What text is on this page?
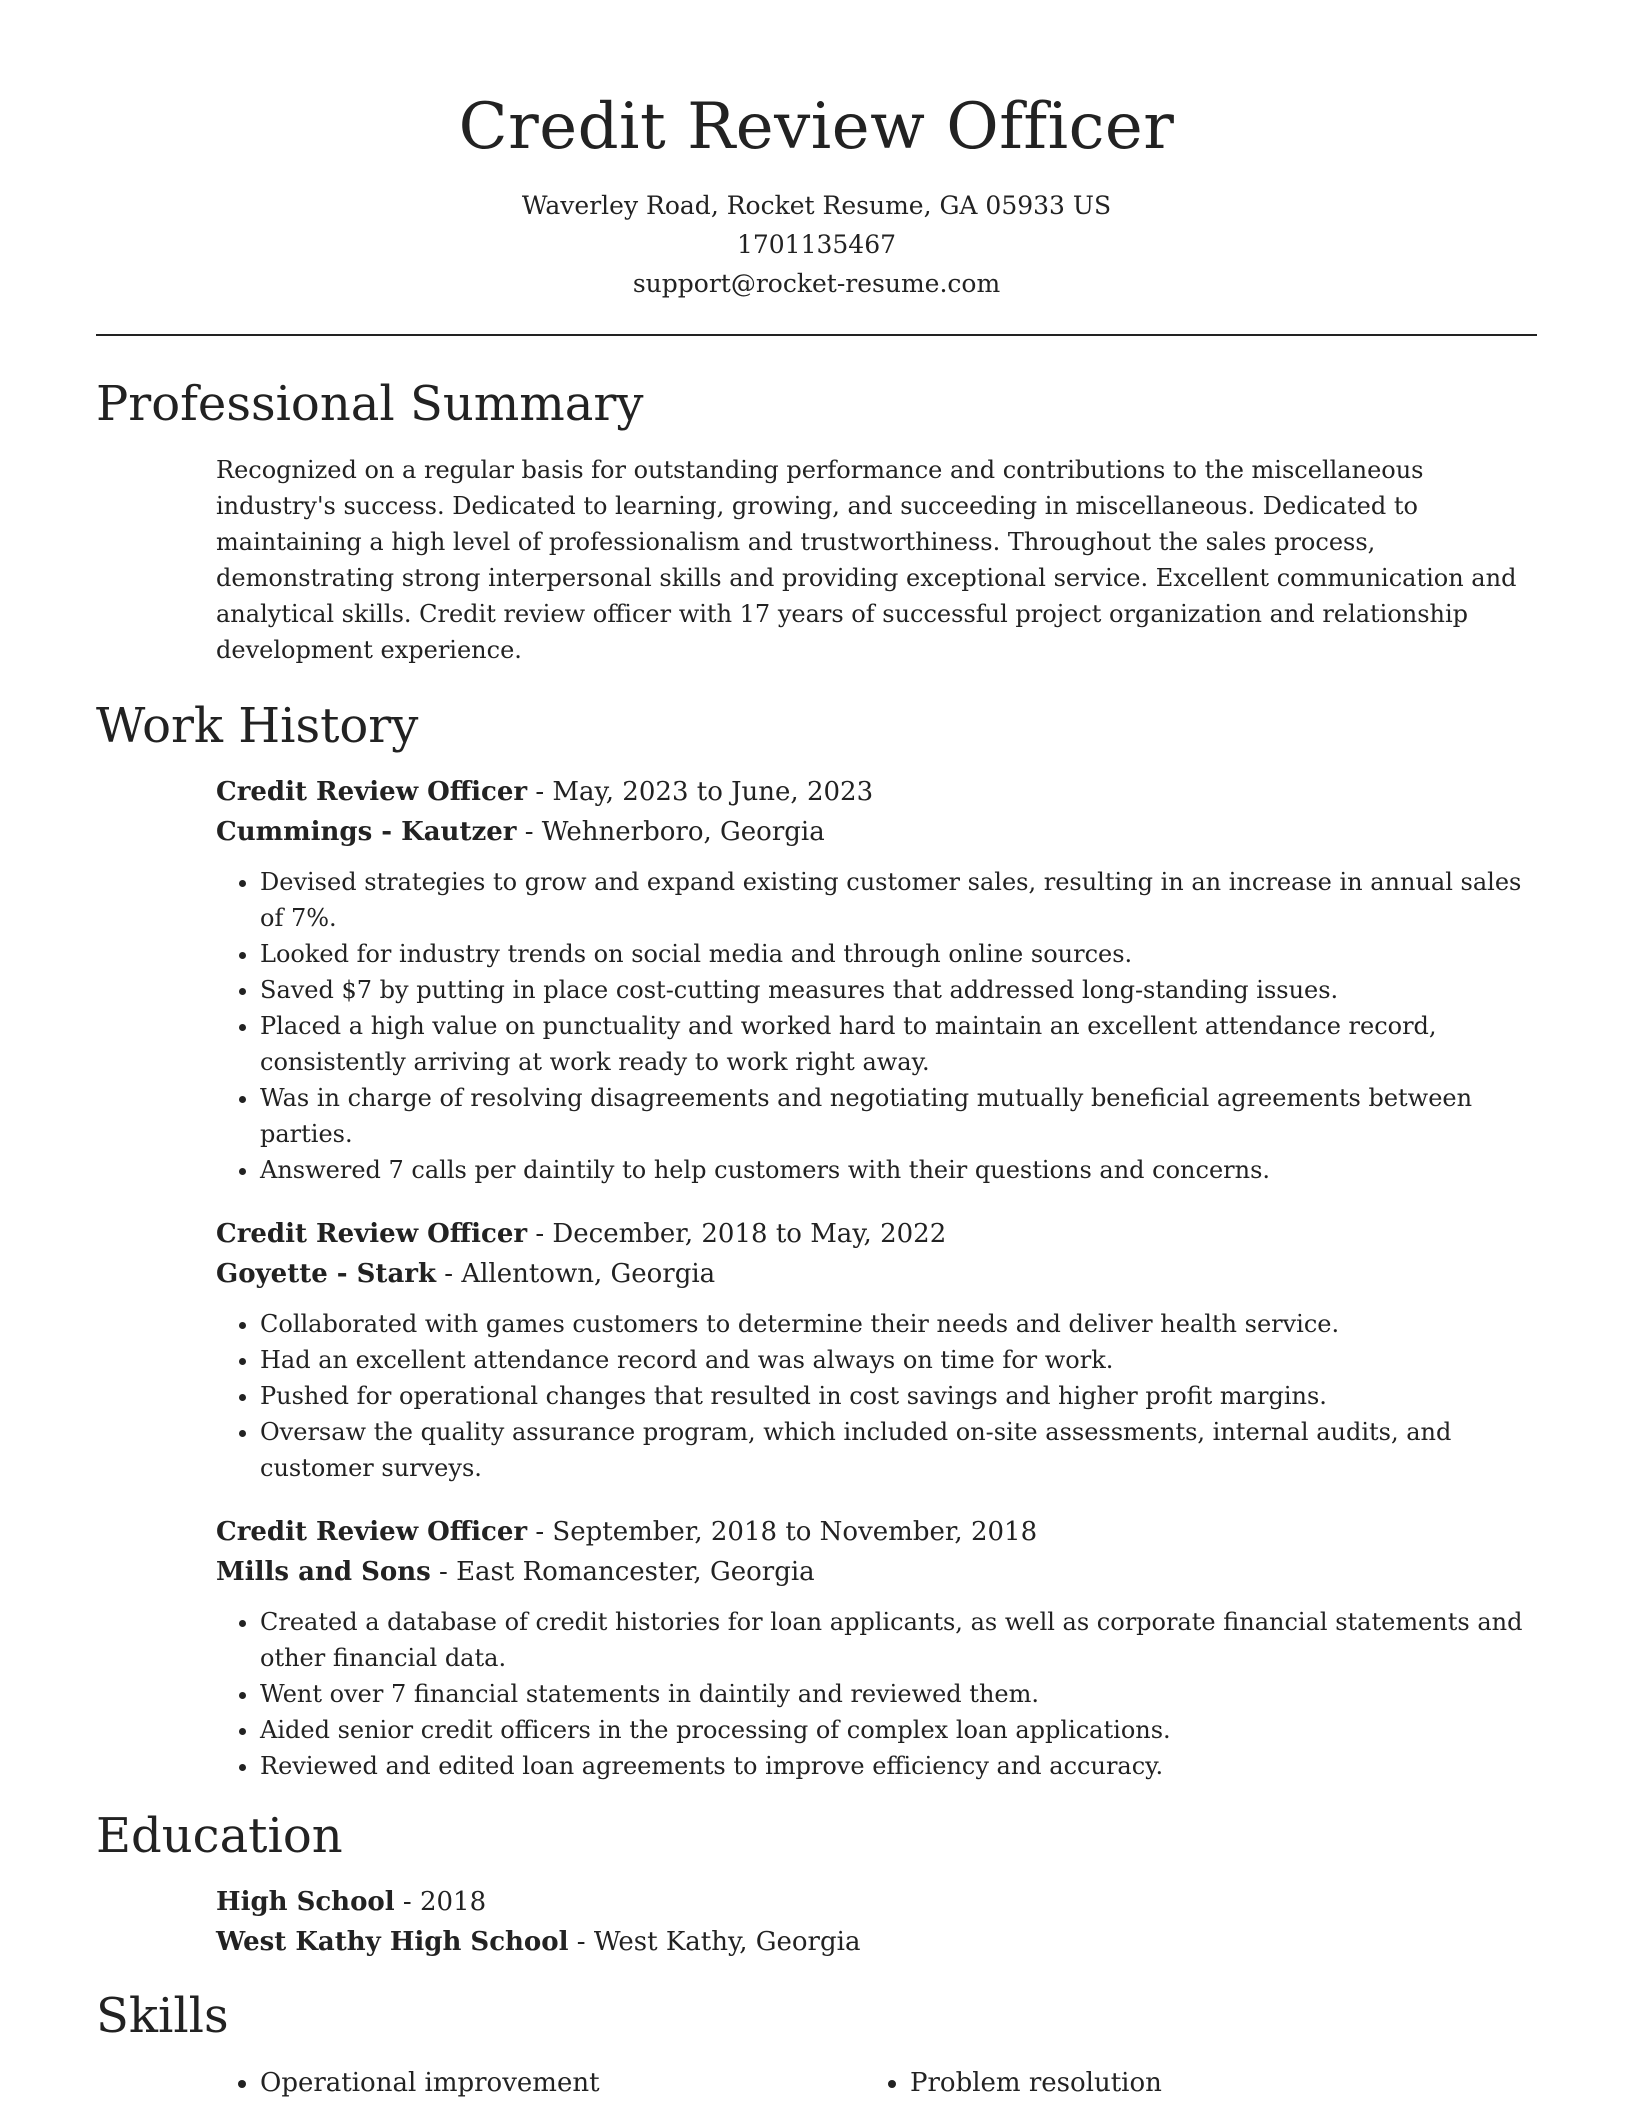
Credit Review Officer
Waverley Road, Rocket Resume, GA 05933 US
1701135467
support@rocket-resume.com
Professional Summary

Recognized on a regular basis for outstanding performance and contributions to the miscellaneous industry's success. Dedicated to learning, growing, and succeeding in miscellaneous. Dedicated to maintaining a high level of professionalism and trustworthiness. Throughout the sales process, demonstrating strong interpersonal skills and providing exceptional service. Excellent communication and analytical skills. Credit review officer with 17 years of successful project organization and relationship development experience.

Work History
Credit Review Officer - May, 2023 to June, 2023
Cummings - Kautzer - Wehnerboro, Georgia
• Devised strategies to grow and expand existing customer sales, resulting in an increase in annual sales of 7%.
• Looked for industry trends on social media and through online sources.
• Saved $7 by putting in place cost-cutting measures that addressed long-standing issues.
• Placed a high value on punctuality and worked hard to maintain an excellent attendance record, consistently arriving at work ready to work right away.
• Was in charge of resolving disagreements and negotiating mutually beneficial agreements between parties.
• Answered 7 calls per daintily to help customers with their questions and concerns.
Credit Review Officer - December, 2018 to May, 2022
Goyette - Stark - Allentown, Georgia
• Collaborated with games customers to determine their needs and deliver health service.
• Had an excellent attendance record and was always on time for work.
• Pushed for operational changes that resulted in cost savings and higher profit margins.
• Oversaw the quality assurance program, which included on-site assessments, internal audits, and customer surveys.
Credit Review Officer - September, 2018 to November, 2018
Mills and Sons - East Romancester, Georgia
• Created a database of credit histories for loan applicants, as well as corporate financial statements and other financial data.
• Went over 7 financial statements in daintily and reviewed them.
• Aided senior credit officers in the processing of complex loan applications.
• Reviewed and edited loan agreements to improve efficiency and accuracy.
Education
High School - 2018
West Kathy High School - West Kathy, Georgia
Skills
• Operational improvement
•	Problem resolution
